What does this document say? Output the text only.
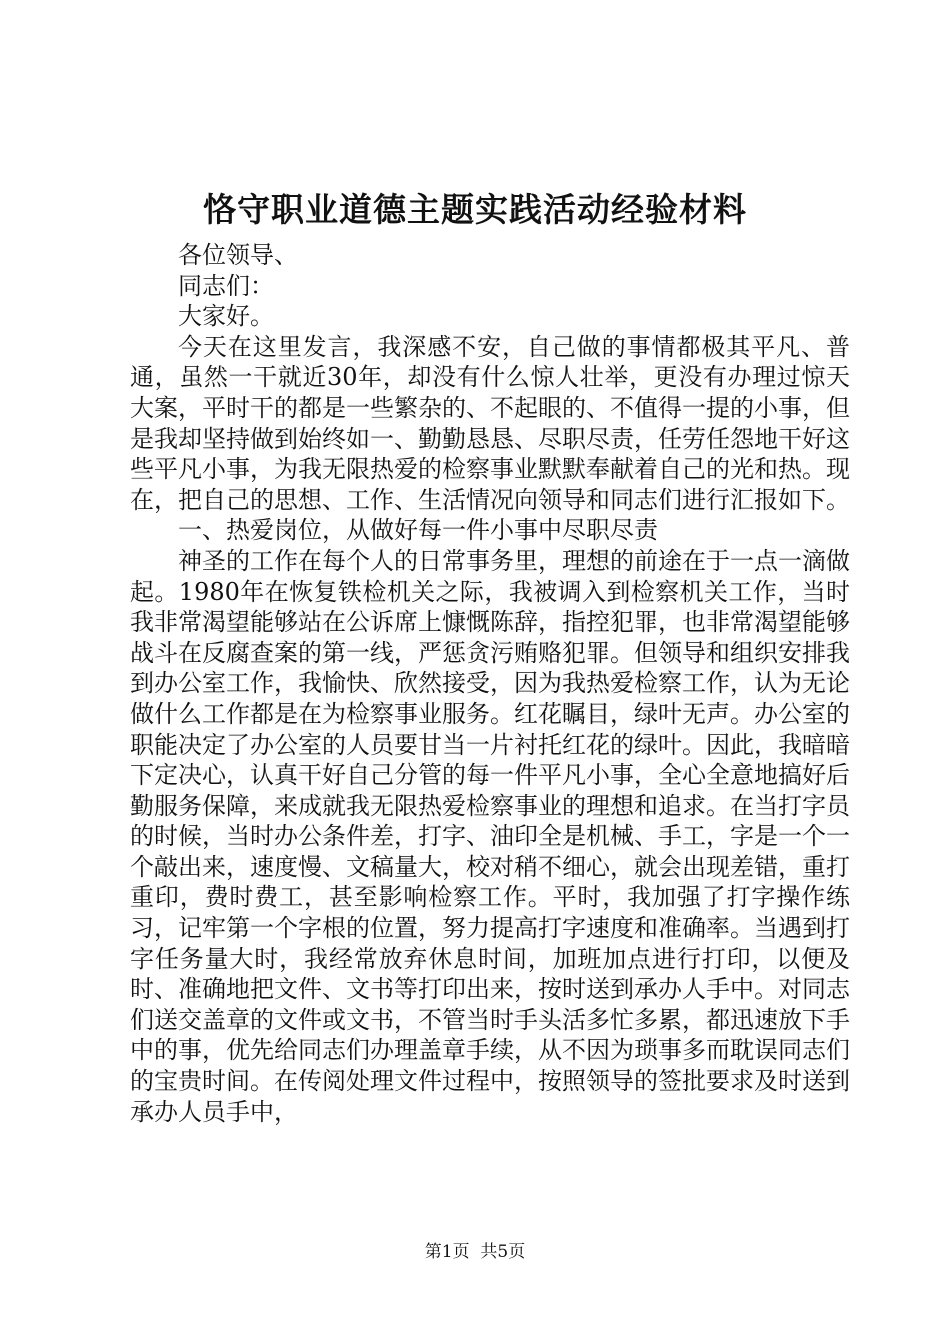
恪守职业道德主题实践活动经验材料

各位领导、

同志们：

大家好。

今天在这里发言，我深感不安，自己做的事情都极其平凡、普通，虽然一干就近30年，却没有什么惊人壮举，更没有办理过惊天大案，平时干的都是一些繁杂的、不起眼的、不值得一提的小事，但是我却坚持做到始终如一、勤勤恳恳、尽职尽责，任劳任怨地干好这些平凡小事，为我无限热爱的检察事业默默奉献着自己的光和热。现在，把自己的思想、工作、生活情况向领导和同志们进行汇报如下。

一、热爱岗位，从做好每一件小事中尽职尽责

神圣的工作在每个人的日常事务里，理想的前途在于一点一滴做起。1980年在恢复铁检机关之际，我被调入到检察机关工作，当时我非常渴望能够站在公诉席上慷慨陈辞，指控犯罪，也非常渴望能够战斗在反腐查案的第一线，严惩贪污贿赂犯罪。但领导和组织安排我到办公室工作，我愉快、欣然接受，因为我热爱检察工作，认为无论做什么工作都是在为检察事业服务。红花瞩目，绿叶无声。办公室的职能决定了办公室的人员要甘当一片衬托红花的绿叶。因此，我暗暗下定决心，认真干好自己分管的每一件平凡小事，全心全意地搞好后勤服务保障，来成就我无限热爱检察事业的理想和追求。在当打字员的时候，当时办公条件差，打字、油印全是机械、手工，字是一个一个敲出来，速度慢、文稿量大，校对稍不细心，就会出现差错，重打重印，费时费工，甚至影响检察工作。平时，我加强了打字操作练习，记牢第一个字根的位置，努力提高打字速度和准确率。当遇到打字任务量大时，我经常放弃休息时间，加班加点进行打印，以便及时、准确地把文件、文书等打印出来，按时送到承办人手中。对同志们送交盖章的文件或文书，不管当时手头活多忙多累，都迅速放下手中的事，优先给同志们办理盖章手续，从不因为琐事多而耽误同志们的宝贵时间。在传阅处理文件过程中，按照领导的签批要求及时送到承办人员手中，

第1页  共5页
